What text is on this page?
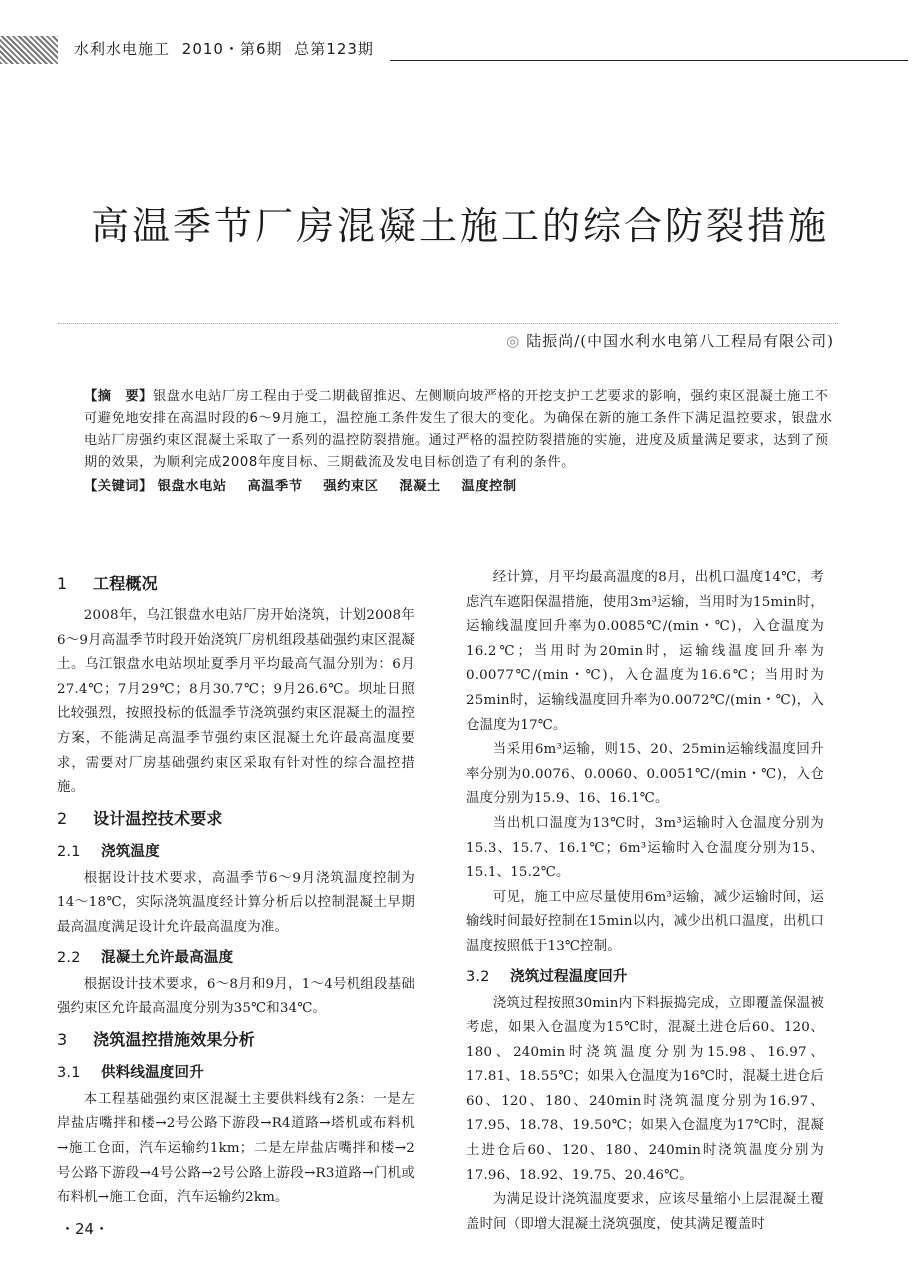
水利水电施工 2010・第6期 总第123期
高温季节厂房混凝土施工的综合防裂措施
◎ 陆振尚/(中国水利水电第八工程局有限公司)
【摘　要】银盘水电站厂房工程由于受二期截留推迟、左侧顺向坡严格的开挖支护工艺要求的影响，强约束区混凝土施工不可避免地安排在高温时段的6～9月施工，温控施工条件发生了很大的变化。为确保在新的施工条件下满足温控要求，银盘水电站厂房强约束区混凝土采取了一系列的温控防裂措施。通过严格的温控防裂措施的实施，进度及质量满足要求，达到了预期的效果，为顺利完成2008年度目标、三期截流及发电目标创造了有利的条件。
【关键词】 银盘水电站 高温季节 强约束区 混凝土 温度控制
1 工程概况

2008年，乌江银盘水电站厂房开始浇筑，计划2008年6～9月高温季节时段开始浇筑厂房机组段基础强约束区混凝土。乌江银盘水电站坝址夏季月平均最高气温分别为：6月27.4℃；7月29℃；8月30.7℃；9月26.6℃。坝址日照比较强烈，按照投标的低温季节浇筑强约束区混凝土的温控方案，不能满足高温季节强约束区混凝土允许最高温度要求，需要对厂房基础强约束区采取有针对性的综合温控措施。

2 设计温控技术要求
2.1 浇筑温度

根据设计技术要求，高温季节6～9月浇筑温度控制为14～18℃，实际浇筑温度经计算分析后以控制混凝土早期最高温度满足设计允许最高温度为准。

2.2 混凝土允许最高温度

根据设计技术要求，6～8月和9月，1～4号机组段基础强约束区允许最高温度分别为35℃和34℃。

3 浇筑温控措施效果分析
3.1 供料线温度回升

本工程基础强约束区混凝土主要供料线有2条：一是左岸盐店嘴拌和楼→2号公路下游段→R4道路→塔机或布料机→施工仓面，汽车运输约1km；二是左岸盐店嘴拌和楼→2号公路下游段→4号公路→2号公路上游段→R3道路→门机或布料机→施工仓面，汽车运输约2km。

经计算，月平均最高温度的8月，出机口温度14℃，考虑汽车遮阳保温措施，使用3m³运输，当用时为15min时，运输线温度回升率为0.0085℃/(min・℃)，入仓温度为16.2℃；当用时为20min时，运输线温度回升率为0.0077℃/(min・℃)，入仓温度为16.6℃；当用时为25min时，运输线温度回升率为0.0072℃/(min・℃)，入仓温度为17℃。

当采用6m³运输，则15、20、25min运输线温度回升率分别为0.0076、0.0060、0.0051℃/(min・℃)，入仓温度分别为15.9、16、16.1℃。

当出机口温度为13℃时，3m³运输时入仓温度分别为15.3、15.7、16.1℃；6m³运输时入仓温度分别为15、15.1、15.2℃。

可见，施工中应尽量使用6m³运输，减少运输时间，运输线时间最好控制在15min以内，减少出机口温度，出机口温度按照低于13℃控制。

3.2 浇筑过程温度回升

浇筑过程按照30min内下料振捣完成，立即覆盖保温被考虑，如果入仓温度为15℃时，混凝土进仓后60、120、180、240min时浇筑温度分别为15.98、16.97、17.81、18.55℃；如果入仓温度为16℃时，混凝土进仓后60、120、180、240min时浇筑温度分别为16.97、17.95、18.78、19.50℃；如果入仓温度为17℃时，混凝土进仓后60、120、180、240min时浇筑温度分别为17.96、18.92、19.75、20.46℃。

为满足设计浇筑温度要求，应该尽量缩小上层混凝土覆盖时间（即增大混凝土浇筑强度，使其满足覆盖时

・24・
